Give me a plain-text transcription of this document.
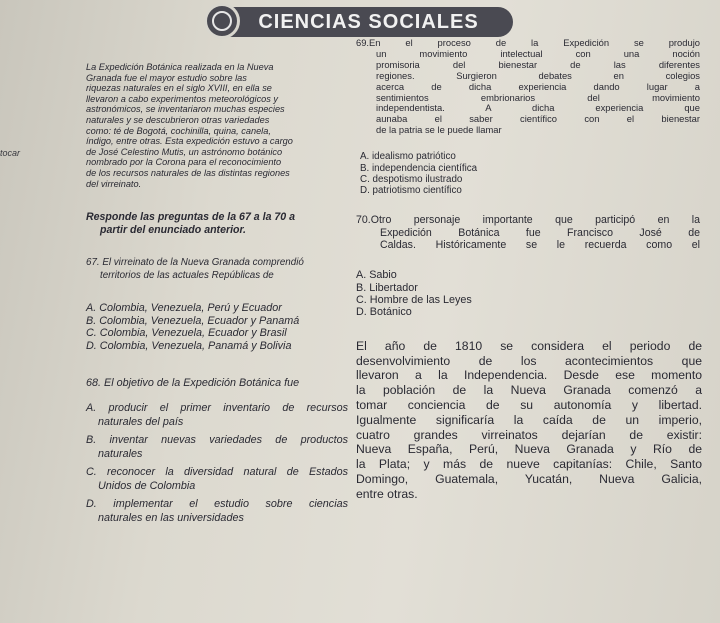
CIENCIAS SOCIALES
tocar

La Expedición Botánica realizada en la Nueva

Granada fue el mayor estudio sobre las

riquezas naturales en el siglo XVIII, en ella se

llevaron a cabo experimentos meteorológicos y

astronómicos, se inventariaron muchas especies

naturales y se descubrieron otras variedades

como: té de Bogotá, cochinilla, quina, canela,

índigo, entre otras. Esta expedición estuvo a cargo

de José Celestino Mutis, un astrónomo botánico

nombrado por la Corona para el reconocimiento

de los recursos naturales de las distintas regiones

del virreinato.

Responde las preguntas de la 67 a la 70 a

partir del enunciado anterior.

67. El virreinato de la Nueva Granada comprendió

territorios de las actuales Repúblicas de

A. Colombia, Venezuela, Perú y Ecuador

B. Colombia, Venezuela, Ecuador y Panamá

C. Colombia, Venezuela, Ecuador y Brasil

D. Colombia, Venezuela, Panamá y Bolivia

68. El objetivo de la Expedición Botánica fue

A. producir el primer inventario de recursos

naturales del país

B. inventar nuevas variedades de productos

naturales

C. reconocer la diversidad natural de Estados

Unidos de Colombia

D. implementar el estudio sobre ciencias

naturales en las universidades

69.En el proceso de la Expedición se produjo

un movimiento intelectual con una noción

promisoria del bienestar de las diferentes

regiones. Surgieron debates en colegios

acerca de dicha experiencia dando lugar a

sentimientos embrionarios del movimiento

independentista. A dicha experiencia que

aunaba el saber científico con el bienestar

de la patria se le puede llamar

A. idealismo patriótico

B. independencia científica

C. despotismo ilustrado

D. patriotismo científico

70.Otro personaje importante que participó en la

Expedición Botánica fue Francisco José de

Caldas. Históricamente se le recuerda como el

A. Sabio

B. Libertador

C. Hombre de las Leyes

D. Botánico

El año de 1810 se considera el periodo de

desenvolvimiento de los acontecimientos que

llevaron a la Independencia. Desde ese momento

la población de la Nueva Granada comenzó a

tomar conciencia de su autonomía y libertad.

Igualmente significaría la caída de un imperio,

cuatro grandes virreinatos dejarían de existir:

Nueva España, Perú, Nueva Granada y Río de

la Plata; y más de nueve capitanías: Chile, Santo

Domingo, Guatemala, Yucatán, Nueva Galicia,

entre otras.
